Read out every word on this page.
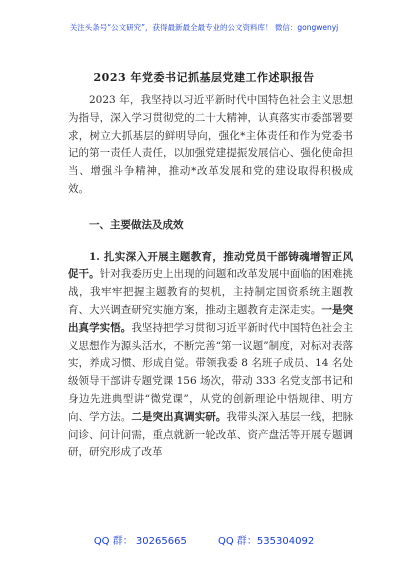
关注头条号“公文研究”，获得最新最全最专业的公文资料库！ 微信：gongwenyj
2023 年党委书记抓基层党建工作述职报告

2023 年，我坚持以习近平新时代中国特色社会主义思想为指导，深入学习贯彻党的二十大精神，认真落实市委部署要求，树立大抓基层的鲜明导向，强化*主体责任和作为党委书记的第一责任人责任，以加强党建提振发展信心、强化使命担当、增强斗争精神，推动*改革发展和党的建设取得积极成效。

一、主要做法及成效

1. 扎实深入开展主题教育，推动党员干部铸魂增智正风促干。针对我委历史上出现的问题和改革发展中面临的困难挑战，我牢牢把握主题教育的契机，主持制定国资系统主题教育、大兴调查研究实施方案，推动主题教育走深走实。一是突出真学实悟。我坚持把学习贯彻习近平新时代中国特色社会主义思想作为源头活水，不断完善“第一议题”制度，对标对表落实，养成习惯、形成自觉。带领我委 8 名班子成员、14 名处级领导干部讲专题党课 156 场次，带动 333 名党支部书记和身边先进典型讲“微党课”，从党的创新理论中悟规律、明方向、学方法。二是突出真调实研。我带头深入基层一线，把脉问诊、问计问需，重点就新一轮改革、资产盘活等开展专题调研，研究形成了改革

QQ 群： 30265665	QQ 群：535304092
